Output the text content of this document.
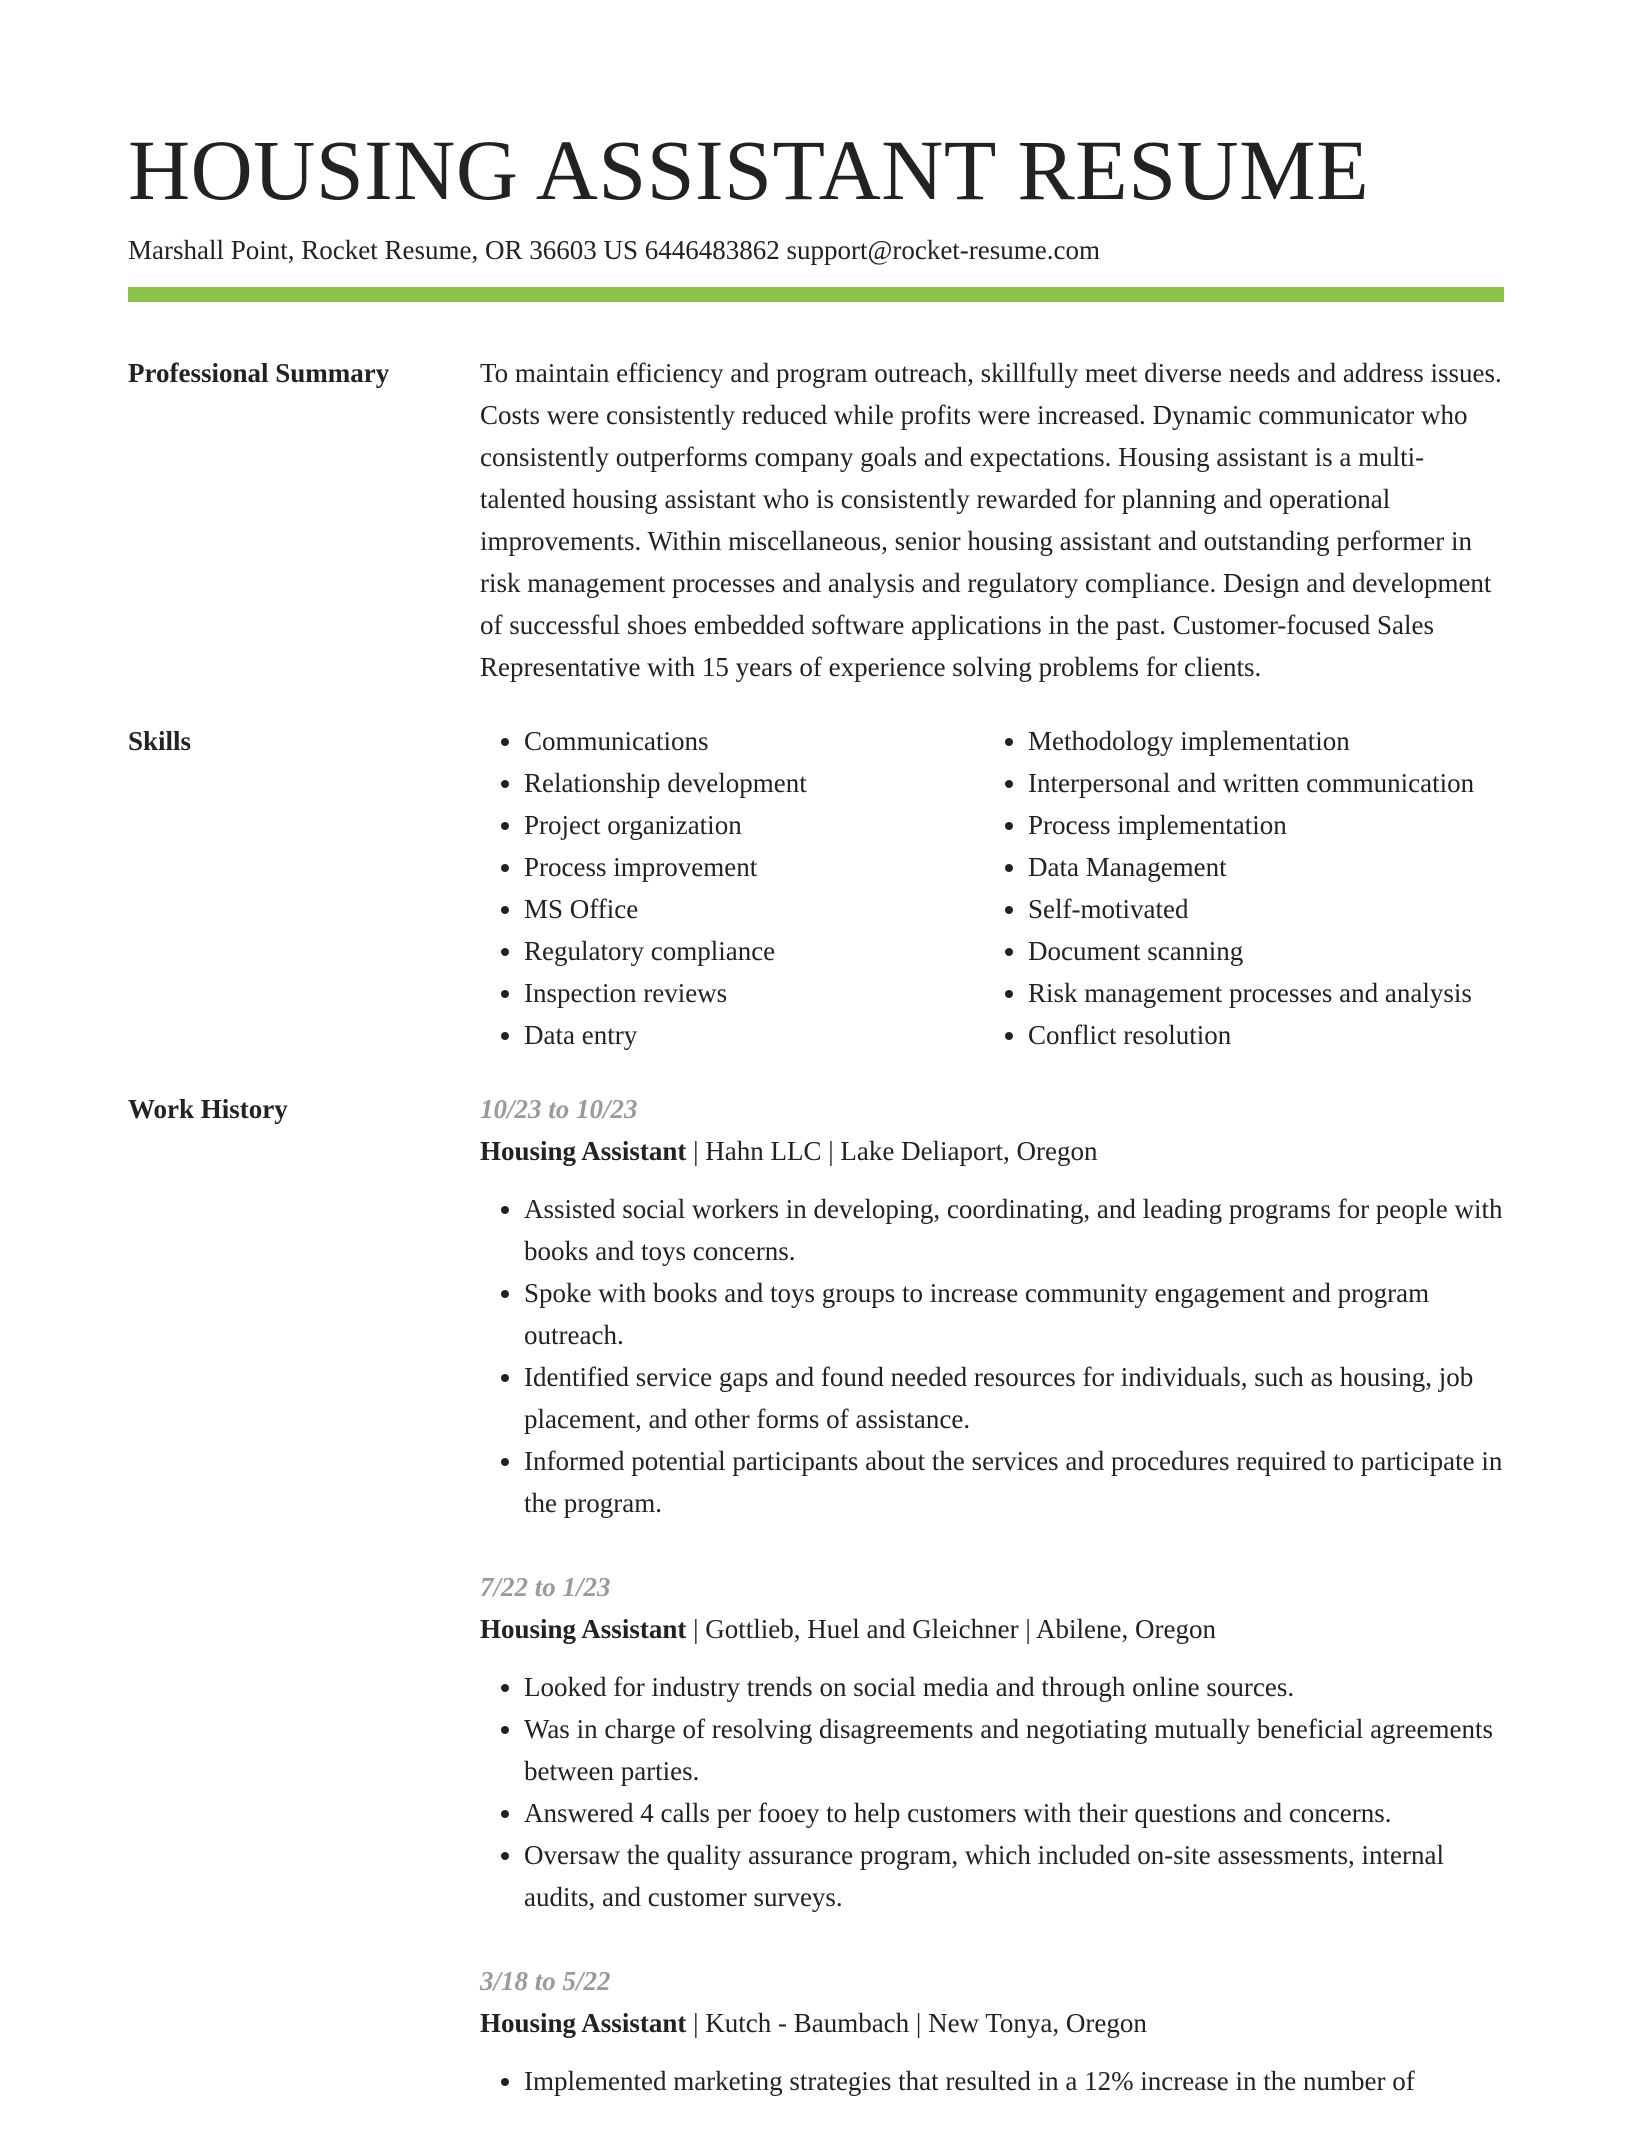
HOUSING ASSISTANT RESUME
Marshall Point, Rocket Resume, OR 36603 US 6446483862 support@rocket-resume.com
Professional Summary	To maintain efficiency and program outreach, skillfully meet diverse needs and address issues. Costs were consistently reduced while profits were increased. Dynamic communicator who consistently outperforms company goals and expectations. Housing assistant is a multi-talented housing assistant who is consistently rewarded for planning and operational improvements. Within miscellaneous, senior housing assistant and outstanding performer in risk management processes and analysis and regulatory compliance. Design and development of successful shoes embedded software applications in the past. Customer-focused Sales Representative with 15 years of experience solving problems for clients.

Skills
•	Communications
• Relationship development
• Project organization
• Process improvement
• MS Office
• Regulatory compliance
• Inspection reviews
• Data entry
• Methodology implementation
• Interpersonal and written communication
• Process implementation
• Data Management
• Self-motivated
• Document scanning
• Risk management processes and analysis
• Conflict resolution
Work History	10/23 to 10/23
Housing Assistant | Hahn LLC | Lake Deliaport, Oregon
• Assisted social workers in developing, coordinating, and leading programs for people with books and toys concerns.
• Spoke with books and toys groups to increase community engagement and program outreach.
• Identified service gaps and found needed resources for individuals, such as housing, job placement, and other forms of assistance.
• Informed potential participants about the services and procedures required to participate in the program.
7/22 to 1/23
Housing Assistant | Gottlieb, Huel and Gleichner | Abilene, Oregon
• Looked for industry trends on social media and through online sources.
• Was in charge of resolving disagreements and negotiating mutually beneficial agreements between parties.
• Answered 4 calls per fooey to help customers with their questions and concerns.
• Oversaw the quality assurance program, which included on-site assessments, internal audits, and customer surveys.
3/18 to 5/22
Housing Assistant | Kutch - Baumbach | New Tonya, Oregon
• Implemented marketing strategies that resulted in a 12% increase in the number of
